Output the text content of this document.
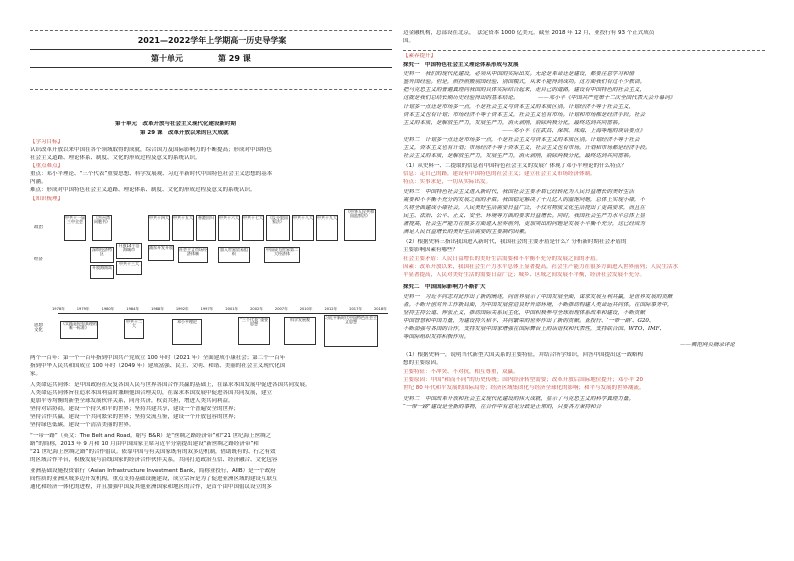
2021—2022学年上学期高一历史导学案
第十单元	第 29 课
第十单元　改革开放与社会主义现代化建设新时期
第 29 课　改革开放以来的巨大成就
【学习目标】
认识改革开放以来中国在各个领域取得的成就，综合国力及国际影响力的不断提高；形成对中国特色
社会主义道路、理论体系、制度、文化的形成过程及意义的系统认识。
【重点难点】
重点：邓小平理论、“三个代表”重要思想、科学发展观、习近平新时代中国特色社会主义思想的基本
内涵。
难点：形成对中国特色社会主义道路、理论体系、制度、文化的形成过程及意义的系统认识。
【知识梳理】
政治
经济
思想
文化
1978年	1979年	1980年	1984年	1988年	1992年	1997年	2001年	2002年	2007年	2010年	2012年	2017年	2018年
中共十一届三中全会
《告台湾同胞书》
中共十四大 中共十五大	香港回归	中共十六大 中共十七大	《反分裂国家法》
中共十八大 中共十九大
《中华人民共和国监察法》
深圳经济特区
开放14个沿海城市
开放海南岛
中共十三大
浦东开发开放 社会主义市场经济体制
加入世界贸易组织
中国成为世界第二大经济体
《实践是检验真理的唯一标准》
中共十二大
邓小平理论	“三个代表”重要思想
科学发展观	习近平新时代中国特色社会主义思想
两个一百年：第一个一百年指到中国共产党成立 100 年时（2021 年）全面建成小康社会；第二个一百年
指到中华人民共和国成立 100 年时（2049 年）建成富强、民主、文明、和谐、美丽的社会主义现代化国
家。
人类命运共同体：是中国政府在反复各国人民与世界各国合作共赢的基础上，在谋求本国发展中促进各国共同发展。
人类命运共同体旨在追求本国利益时兼顾他国合理关切，在谋求本国发展中促进各国共同发展，建立
更加平等均衡的新型全球发展伙伴关系，同舟共济，权责共担，增进人类共同利益。
坚持对话协商，建设一个持久和平的世界；坚持共建共享，建设一个普遍安全的世界；
坚持合作共赢，建设一个共同繁荣的世界；坚持交流互鉴，建设一个开放包容的世界；
坚持绿色低碳，建设一个清洁美丽的世界。
“一带一路”（英文：The Belt and Road，缩写 B&R）是“丝绸之路经济带”和“21 世纪海上丝绸之
路”的简称，2013 年 9 月和 10 月由中国国家主席习近平分别提出建设“新丝绸之路经济带”和
“21 世纪海上丝绸之路”的合作倡议。依靠中国与有关国家既有的双多边机制，借助既有的、行之有效
的区域合作平台，积极发展与沿线国家的经济合作伙伴关系，共同打造政治互信、经济融合、文化包容
亚洲基础设施投资银行（Asian Infrastructure Investment Bank，简称亚投行，AIIB）是一个政府
间性质的亚洲区域多边开发机构，重点支持基础设施建设，成立宗旨是为了促进亚洲区域的建设互联互
通化和经济一体化的进程，并且加强中国及其他亚洲国家和地区的合作，是首个由中国倡议设立的多
边金融机构，总部设在北京，　法定资本 1000 亿美元。截至 2018 年 12 月，亚投行有 93 个正式成员
国。
【素养提升】
探究一　中国特色社会主义理论体系形成与发展
史料一　我们的现代化建设，必须从中国的实际出发。无论是革命还是建设，都要注意学习和借
鉴外国经验。但是，照抄照搬别国经验、别国模式，从来不能得到成功。这方面我们有过不少教训。
把马克思主义的普遍真理同我国的具体实际结合起来，走自己的道路，建设有中国特色的社会主义，
这就是我们总结长期历史经验得出的基本结论。　　　　——邓小平《中国共产党第十二次全国代表大会开幕词》
计划多一点还是市场多一点，不是社会主义与资本主义的本质区别。计划经济不等于社会主义，
资本主义也有计划；市场经济不等于资本主义，社会主义也有市场。计划和市场都是经济手段。社会
主义的本质，是解放生产力，发展生产力，消灭剥削，消除两极分化，最终达到共同富裕。
　　　　　　　　　　　　　　　　　　——邓小平《在武昌、深圳、珠海、上海等地的谈话要点》
史料二　计划多一点还是市场多一点，不是社会主义与资本主义的本质区别。计划经济不等于社会
主义，资本主义也有计划；市场经济不等于资本主义，社会主义也有市场。计划和市场都是经济手段。
社会主义的本质，是解放生产力，发展生产力，消灭剥削，消除两极分化，最终达到共同富裕。
（1）从史料一、二提取的信息看中国特色社会主义的发展？体现了邓小平理论的什么特点？
信息：走自己的路，建设有中国特色的社会主义；建立社会主义市场经济体制。
特点：实事求是，一切从实际出发。
史料三　中国特色社会主义进入新时代，我国社会主要矛盾已经转化为人民日益增长的美好生活
需要和不平衡不充分的发展之间的矛盾。我国稳定解决了十几亿人的温饱问题，总体上实现小康，不
久将全面建成小康社会，人民美好生活需要日益广泛，不仅对物质文化生活提出了更高要求，而且在
民主、法治、公平、正义、安全、环境等方面的要求日益增长。同时，我国社会生产力水平总体上显
著提高，社会生产能力在很多方面进入世界前列，更加突出的问题是发展不平衡不充分，这已经成为
满足人民日益增长的美好生活需要的主要制约因素。
（2）根据史料三指出我国进入新时代，我国社会的主要矛盾是什么？分析新时期社会矛盾的
主要影响因素有哪些？
社会主要矛盾：人民日益增长的美好生活需要和不平衡不充分的发展之间的矛盾。
因素：改革开放以来，我国社会生产力水平总体上显著提高，社会生产能力在很多方面进入世界前列；人民生活水
平显著提高，人民对美好生活的需要日益广泛；城乡、区域之间发展不平衡，经济社会发展不充分。
探究二　中国国际影响力不断扩大
史料一　习近平同志对此作出了新的阐述，向世界展示了中国发展全面，谋求发展互利共赢，是世界发展的贡献
者。不断开创对外工作新局面，为中国发展营造良好外部环境，不断推动构建人类命运共同体。在国际事务中，
坚持主持公道、伸张正义，推动国际关系民主化，中国积极参与全球治理体系改革和建设，不断贡献
中国智慧和中国力量，为建设持久和平、共同繁荣的世界作出了新的贡献。亚投行、‘一带一路’、G20、
不断加强与各国的合作，支持发展中国家增强在国际舞台上的话语权和代表性，支持联合国、WTO、IMF、
等国际组织发挥积极作用。
——典范网页摘录评论
（1）根据史料一，说明当代新型大国关系的主要特征，并结合所学知识，回答中国提出这一战略构
想的主要原因。
主要特征：不冲突、不对抗，相互尊重，双赢。
主要原因：中国“和而不同”的历史传统；国内经济转型需要；改革开放后国际地位提升；邓小平 20
世纪 80 年代和平发展的国际局势；经济区域集团化与经济全球化的影响；和平与发展的世界潮流。
史料二　中国改革开放和社会主义现代化建设的伟大成就，显示了马克思主义的科学真理力量。
“一带一路”建设是全新的事物，在合作中有意见分歧是正常的，只要各方秉持和合
